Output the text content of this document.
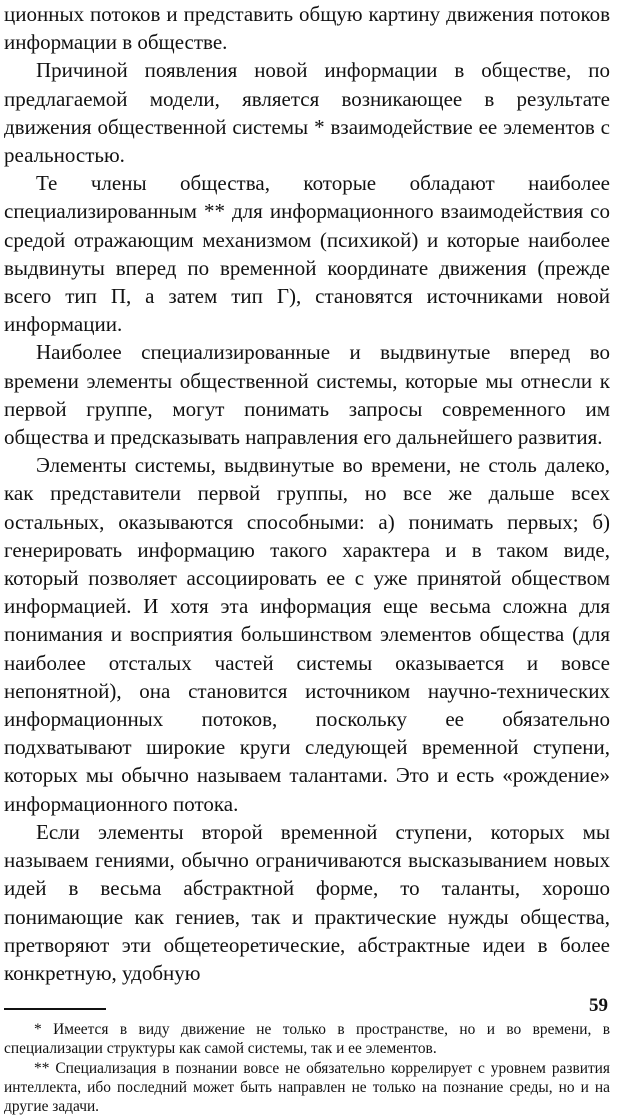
ционных потоков и представить общую картину движения потоков информации в обществе.

Причиной появления новой информации в обществе, по предлагаемой модели, является возникающее в результате движения общественной системы * взаимодействие ее элементов с реальностью.

Те члены общества, которые обладают наиболее специализированным ** для информационного взаимодействия со средой отражающим механизмом (психикой) и которые наиболее выдвинуты вперед по временной координате движения (прежде всего тип П, а затем тип Г), становятся источниками новой информации.

Наиболее специализированные и выдвинутые вперед во времени элементы общественной системы, которые мы отнесли к первой группе, могут понимать запросы современного им общества и предсказывать направления его дальнейшего развития.

Элементы системы, выдвинутые во времени, не столь далеко, как представители первой группы, но все же дальше всех остальных, оказываются способными: а) понимать первых; б) генерировать информацию такого характера и в таком виде, который позволяет ассоциировать ее с уже принятой обществом информацией. И хотя эта информация еще весьма сложна для понимания и восприятия большинством элементов общества (для наиболее отсталых частей системы оказывается и вовсе непонятной), она становится источником научно-технических информационных потоков, поскольку ее обязательно подхватывают широкие круги следующей временной ступени, которых мы обычно называем талантами. Это и есть «рождение» информационного потока.

Если элементы второй временной ступени, которых мы называем гениями, обычно ограничиваются высказыванием новых идей в весьма абстрактной форме, то таланты, хорошо понимающие как гениев, так и практические нужды общества, претворяют эти общетеоретические, абстрактные идеи в более конкретную, удобную

* Имеется в виду движение не только в пространстве, но и во времени, в специализации структуры как самой системы, так и ее элементов.

** Специализация в познании вовсе не обязательно коррелирует с уровнем развития интеллекта, ибо последний может быть направлен не только на познание среды, но и на другие задачи.

59
